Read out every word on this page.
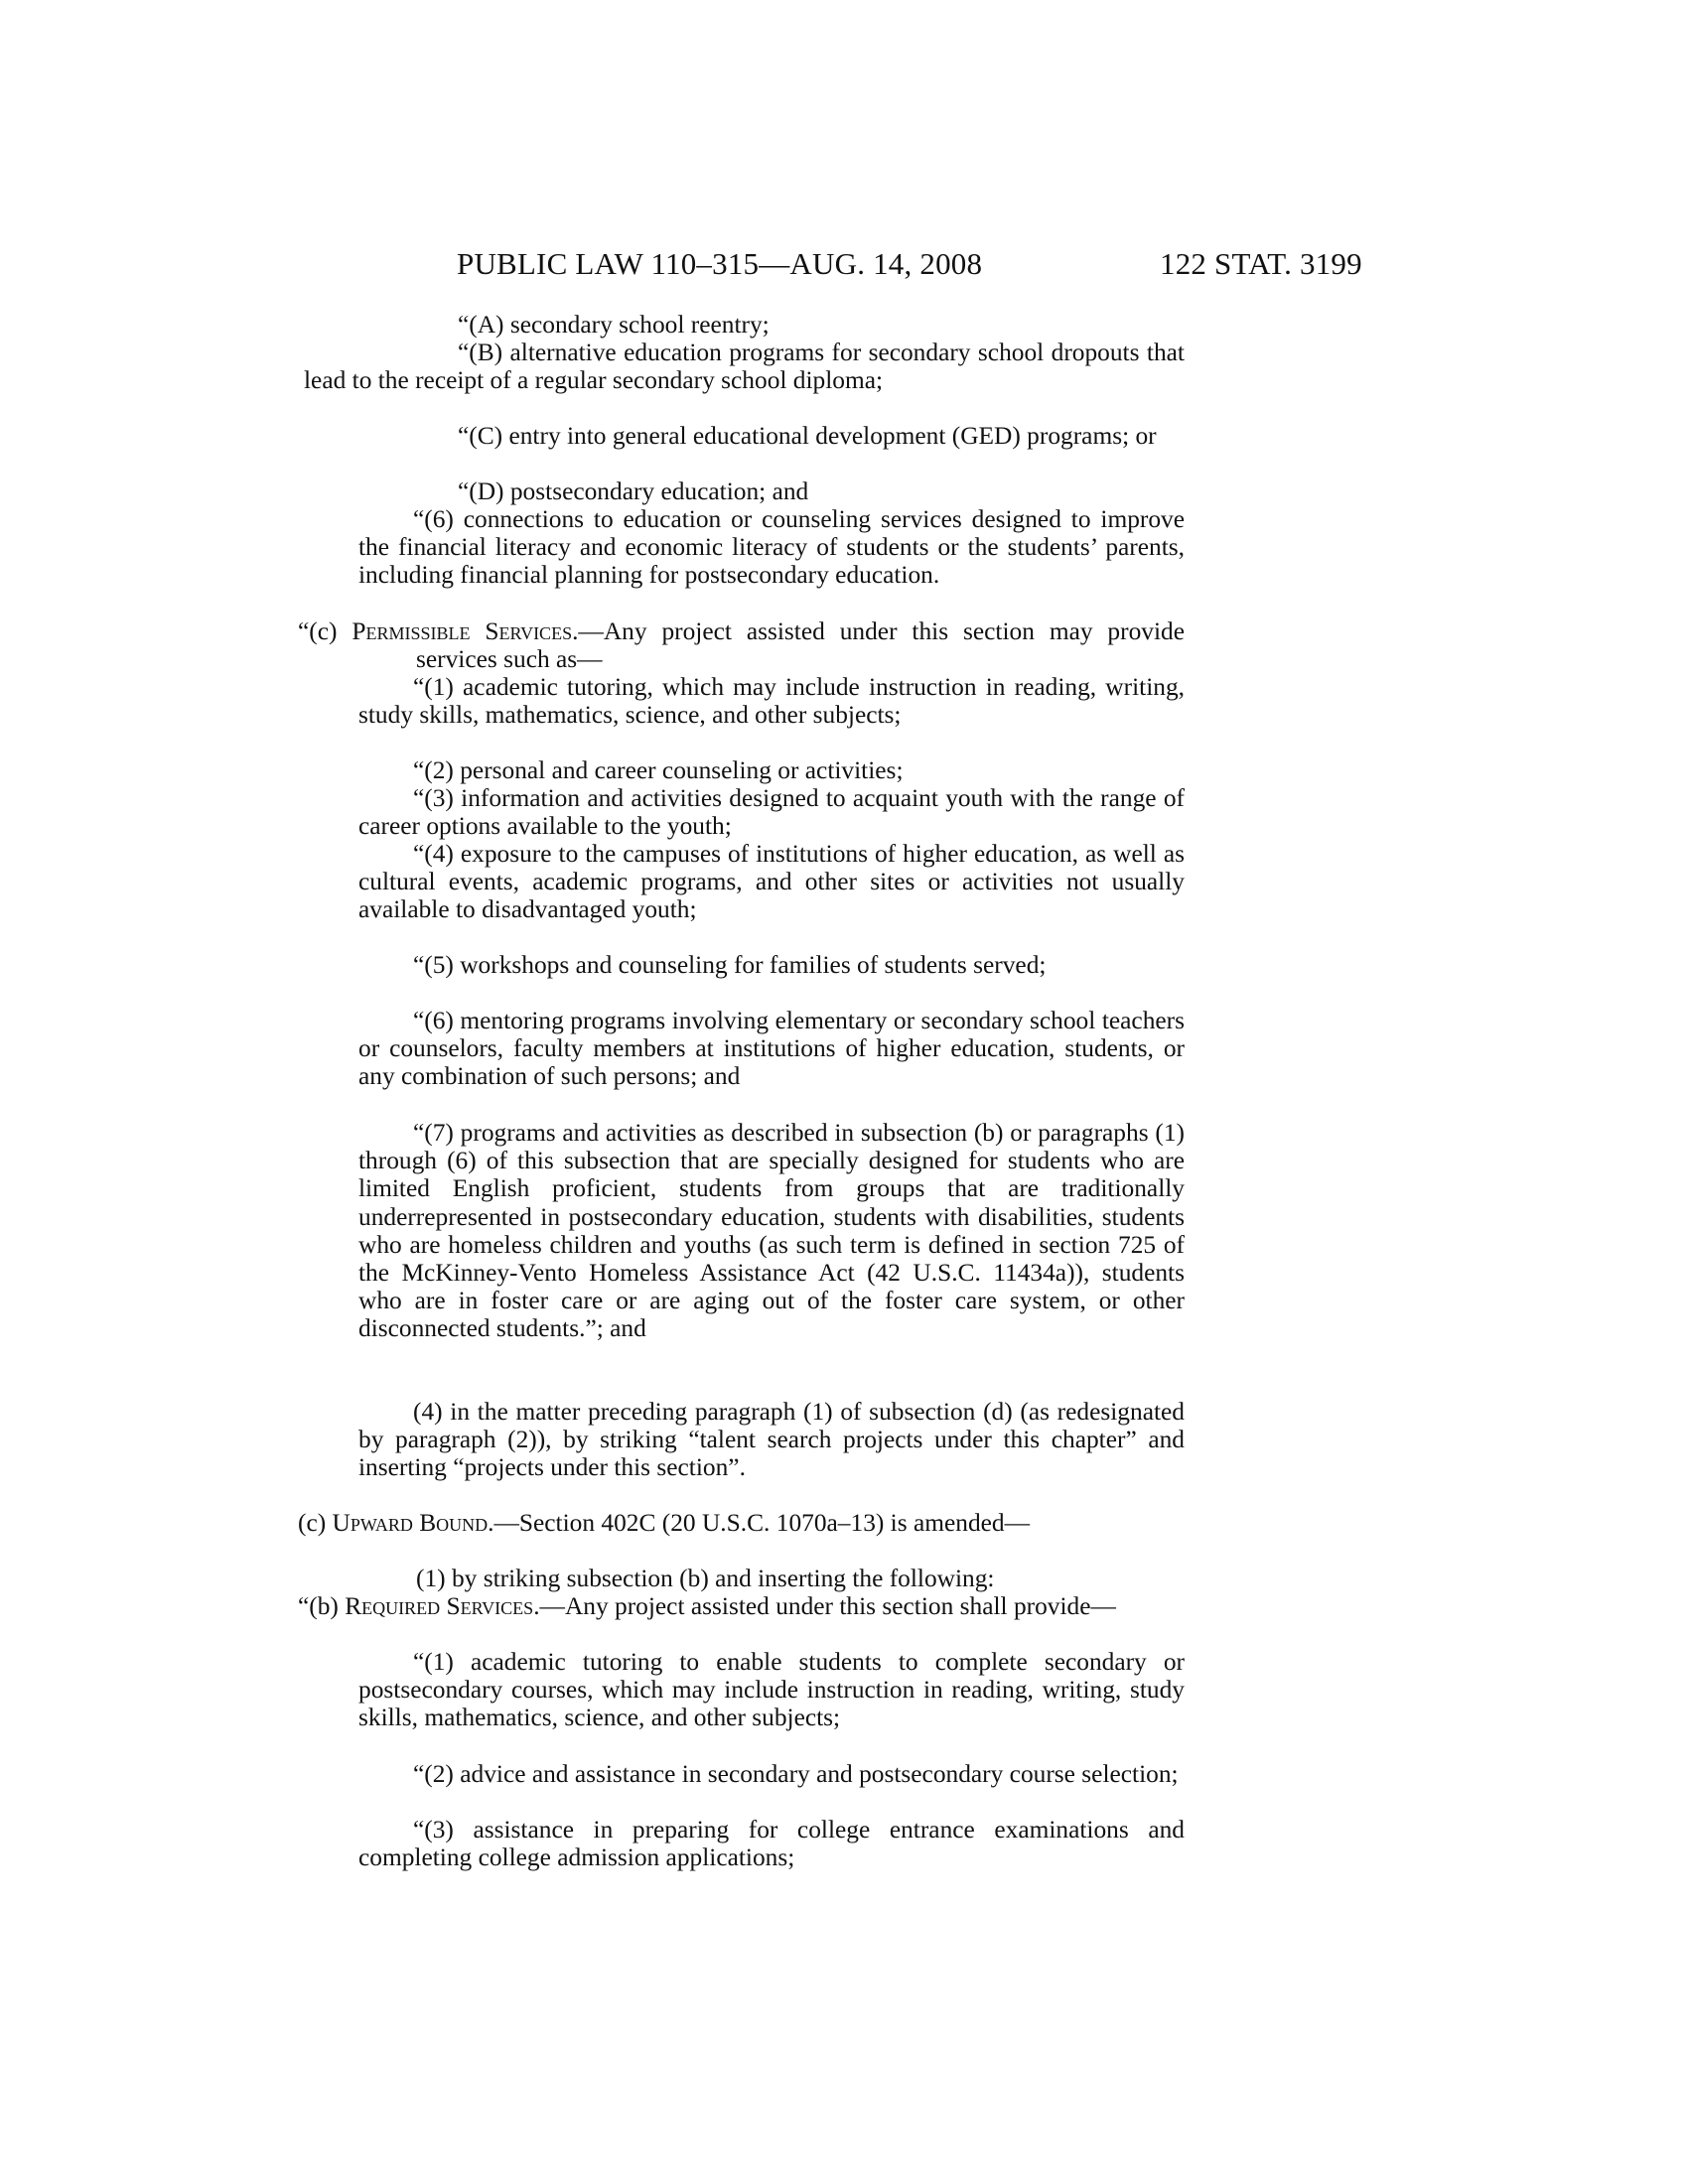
PUBLIC LAW 110–315—AUG. 14, 2008	122 STAT. 3199

“(A) secondary school reentry;

“(B) alternative education programs for secondary school dropouts that lead to the receipt of a regular secondary school diploma;

“(C) entry into general educational development (GED) programs; or

“(D) postsecondary education; and

“(6) connections to education or counseling services designed to improve the financial literacy and economic literacy of students or the students’ parents, including financial planning for postsecondary education.

“(c) Permissible Services.—Any project assisted under this section may provide services such as—

“(1) academic tutoring, which may include instruction in reading, writing, study skills, mathematics, science, and other subjects;

“(2) personal and career counseling or activities;

“(3) information and activities designed to acquaint youth with the range of career options available to the youth;

“(4) exposure to the campuses of institutions of higher education, as well as cultural events, academic programs, and other sites or activities not usually available to disadvantaged youth;

“(5) workshops and counseling for families of students served;

“(6) mentoring programs involving elementary or secondary school teachers or counselors, faculty members at institutions of higher education, students, or any combination of such persons; and

“(7) programs and activities as described in subsection (b) or paragraphs (1) through (6) of this subsection that are specially designed for students who are limited English proficient, students from groups that are traditionally underrepresented in postsecondary education, students with disabilities, students who are homeless children and youths (as such term is defined in section 725 of the McKinney-Vento Homeless Assistance Act (42 U.S.C. 11434a)), students who are in foster care or are aging out of the foster care system, or other disconnected students.”; and

(4) in the matter preceding paragraph (1) of subsection (d) (as redesignated by paragraph (2)), by striking “talent search projects under this chapter” and inserting “projects under this section”.

(c) Upward Bound.—Section 402C (20 U.S.C. 1070a–13) is amended—

(1) by striking subsection (b) and inserting the following:

“(b) Required Services.—Any project assisted under this section shall provide—

“(1) academic tutoring to enable students to complete secondary or postsecondary courses, which may include instruction in reading, writing, study skills, mathematics, science, and other subjects;

“(2) advice and assistance in secondary and postsecondary course selection;

“(3) assistance in preparing for college entrance examinations and completing college admission applications;
